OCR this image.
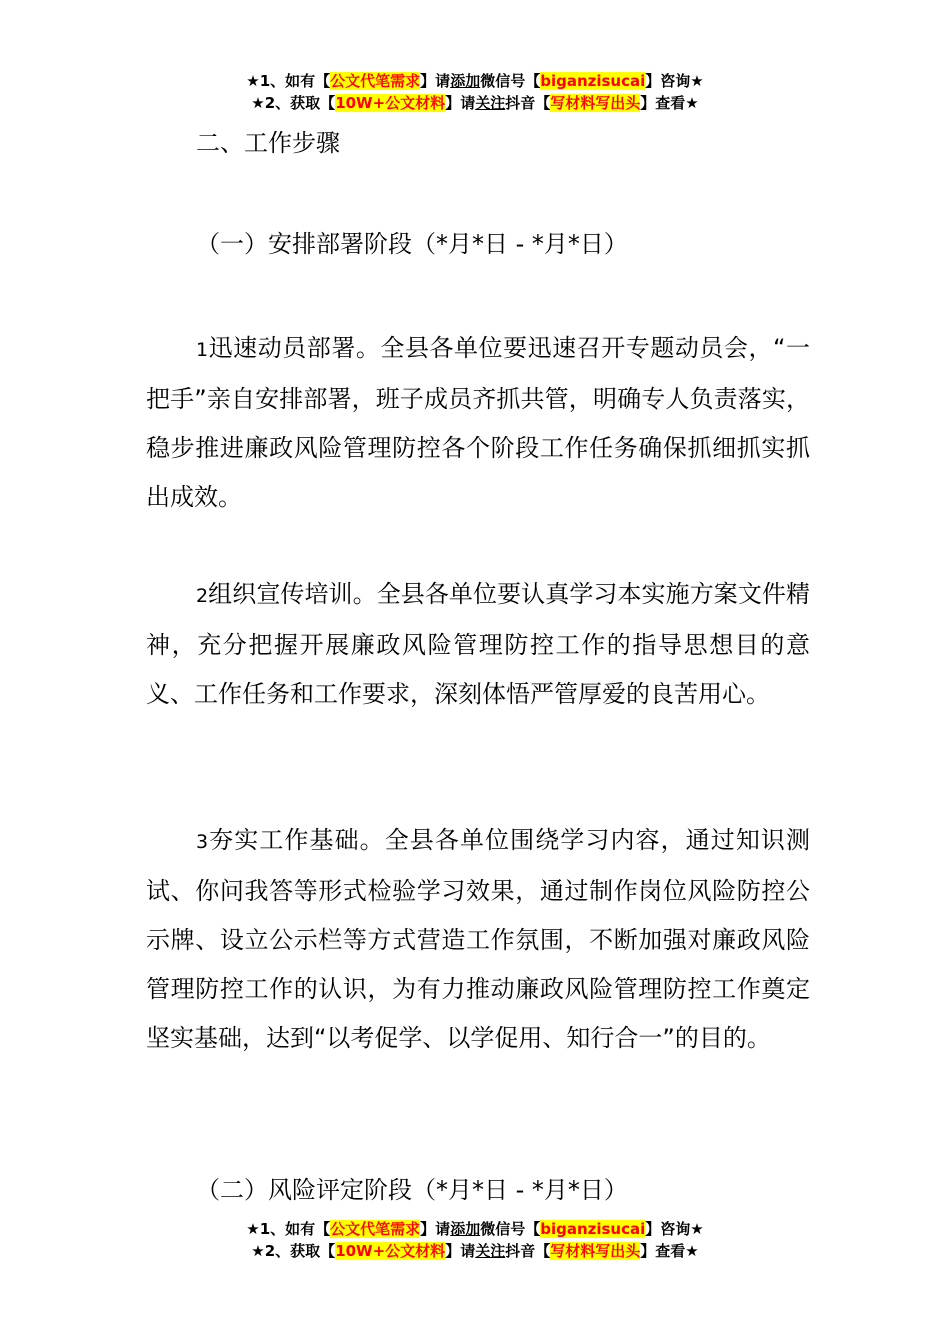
★1、如有【公文代笔需求】请添加微信号【biganzisucai】咨询★
★2、获取【10W+公文材料】请关注抖音【写材料写出头】查看★
二、工作步骤
（一）安排部署阶段（*月*日 - *月*日）
1迅速动员部署。全县各单位要迅速召开专题动员会，“一把手”亲自安排部署，班子成员齐抓共管，明确专人负责落实，稳步推进廉政风险管理防控各个阶段工作任务确保抓细抓实抓出成效。
2组织宣传培训。全县各单位要认真学习本实施方案文件精神，充分把握开展廉政风险管理防控工作的指导思想目的意义、工作任务和工作要求，深刻体悟严管厚爱的良苦用心。
3夯实工作基础。全县各单位围绕学习内容，通过知识测试、你问我答等形式检验学习效果，通过制作岗位风险防控公示牌、设立公示栏等方式营造工作氛围，不断加强对廉政风险管理防控工作的认识，为有力推动廉政风险管理防控工作奠定坚实基础，达到“以考促学、以学促用、知行合一”的目的。
（二）风险评定阶段（*月*日 - *月*日）
★1、如有【公文代笔需求】请添加微信号【biganzisucai】咨询★
★2、获取【10W+公文材料】请关注抖音【写材料写出头】查看★
